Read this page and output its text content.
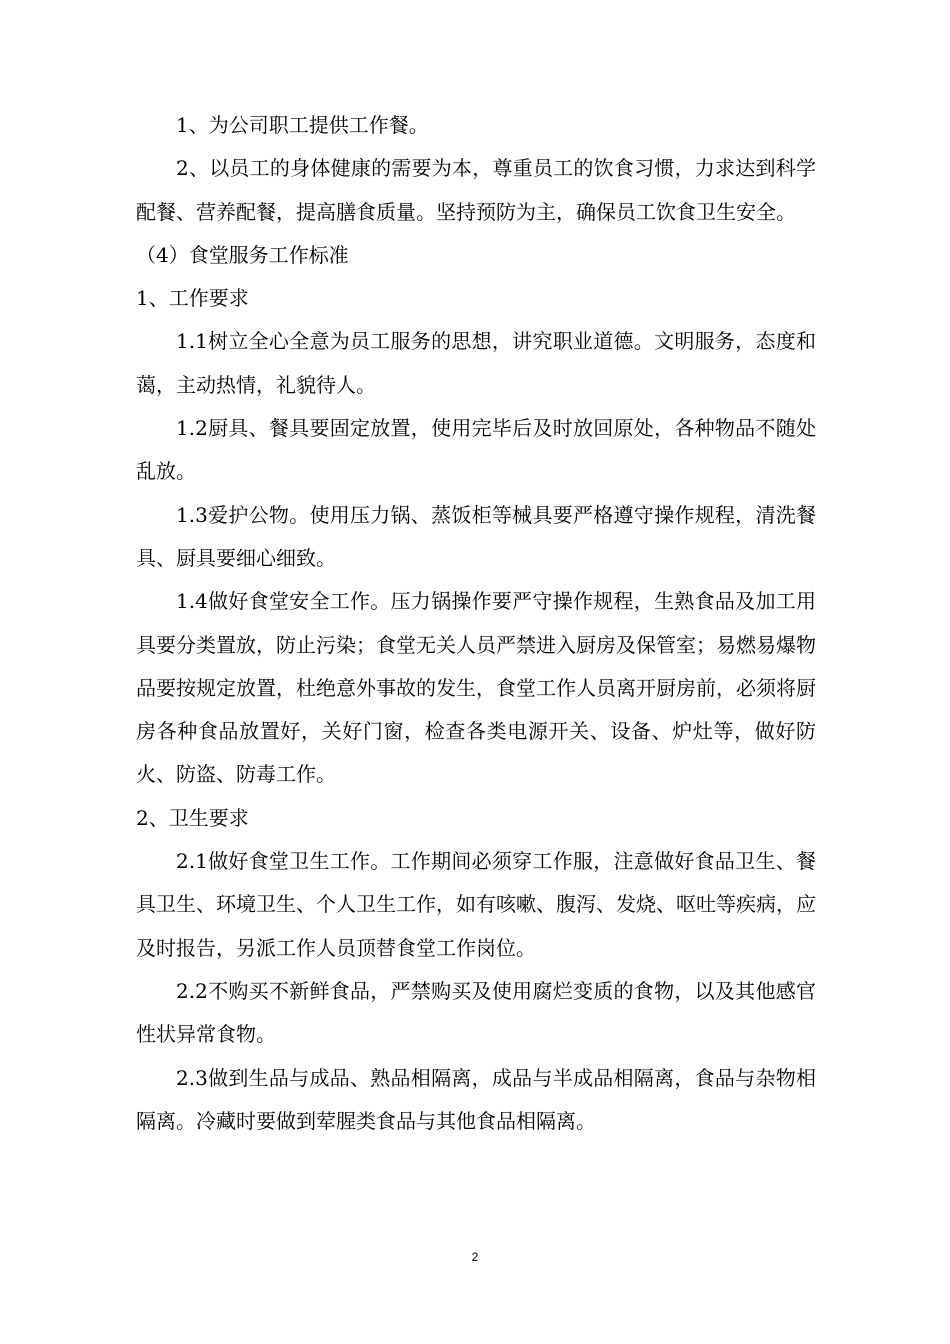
1、为公司职工提供工作餐。

2、以员工的身体健康的需要为本，尊重员工的饮食习惯，力求达到科学配餐、营养配餐，提高膳食质量。坚持预防为主，确保员工饮食卫生安全。

（4）食堂服务工作标准

1、工作要求

1.1树立全心全意为员工服务的思想，讲究职业道德。文明服务，态度和蔼，主动热情，礼貌待人。

1.2厨具、餐具要固定放置，使用完毕后及时放回原处，各种物品不随处乱放。

1.3爱护公物。使用压力锅、蒸饭柜等械具要严格遵守操作规程，清洗餐具、厨具要细心细致。

1.4做好食堂安全工作。压力锅操作要严守操作规程，生熟食品及加工用具要分类置放，防止污染；食堂无关人员严禁进入厨房及保管室；易燃易爆物品要按规定放置，杜绝意外事故的发生，食堂工作人员离开厨房前，必须将厨房各种食品放置好，关好门窗，检查各类电源开关、设备、炉灶等，做好防火、防盗、防毒工作。

2、卫生要求

2.1做好食堂卫生工作。工作期间必须穿工作服，注意做好食品卫生、餐具卫生、环境卫生、个人卫生工作，如有咳嗽、腹泻、发烧、呕吐等疾病，应及时报告，另派工作人员顶替食堂工作岗位。

2.2不购买不新鲜食品，严禁购买及使用腐烂变质的食物，以及其他感官性状异常食物。

2.3做到生品与成品、熟品相隔离，成品与半成品相隔离，食品与杂物相隔离。冷藏时要做到荤腥类食品与其他食品相隔离。

2
